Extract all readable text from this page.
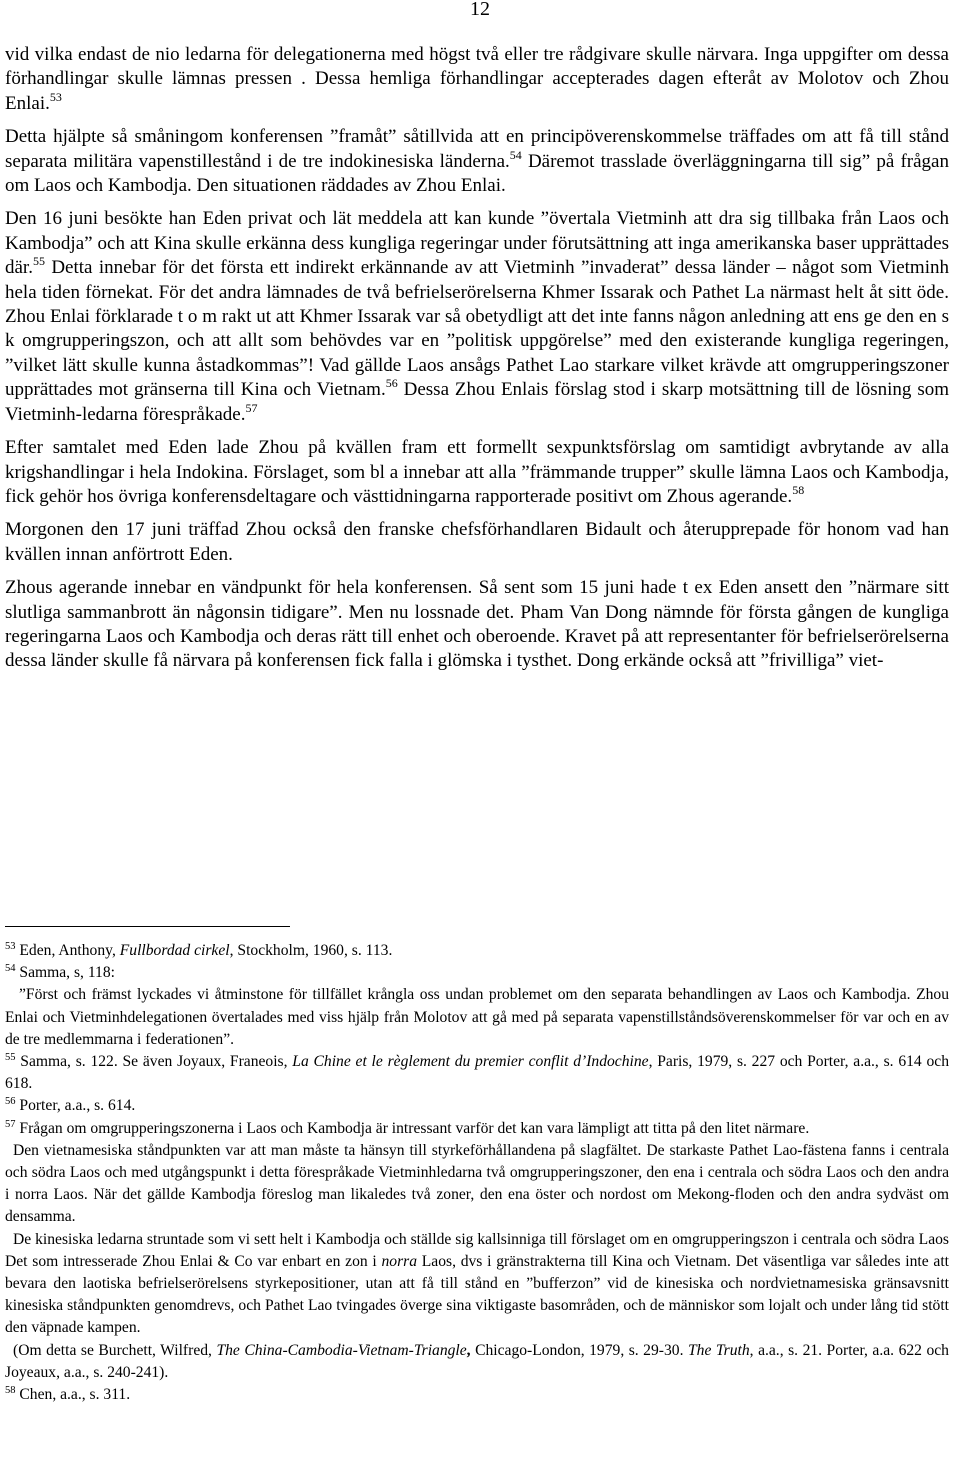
12

vid vilka endast de nio ledarna för delegationerna med högst två eller tre rådgivare skulle närvara. Inga uppgifter om dessa förhandlingar skulle lämnas pressen . Dessa hemliga förhandlingar accepterades dagen efteråt av Molotov och Zhou Enlai.$^{53}$

Detta hjälpte så småningom konferensen ”framåt” såtillvida att en principöverenskommelse träffades om att få till stånd separata militära vapenstillestånd i de tre indokinesiska länderna.$^{54}$ Däremot trasslade överläggningarna till sig” på frågan om Laos och Kambodja. Den situationen räddades av Zhou Enlai.

Den 16 juni besökte han Eden privat och lät meddela att kan kunde ”övertala Vietminh att dra sig tillbaka från Laos och Kambodja” och att Kina skulle erkänna dess kungliga regeringar under förutsättning att inga amerikanska baser upprättades där.$^{55}$ Detta innebar för det första ett indirekt erkännande av att Vietminh ”invaderat” dessa länder – något som Vietminh hela tiden förnekat. För det andra lämnades de två befrielserörelserna Khmer Issarak och Pathet La närmast helt åt sitt öde. Zhou Enlai förklarade t o m rakt ut att Khmer Issarak var så obetydligt att det inte fanns någon anledning att ens ge den en s k omgrupperingszon, och att allt som behövdes var en ”politisk uppgörelse” med den existerande kungliga regeringen, ”vilket lätt skulle kunna åstadkommas”! Vad gällde Laos ansågs Pathet Lao starkare vilket krävde att omgrupperingszoner upprättades mot gränserna till Kina och Vietnam.$^{56}$ Dessa Zhou Enlais förslag stod i skarp motsättning till de lösning som Vietminh-ledarna förespråkade.$^{57}$

Efter samtalet med Eden lade Zhou på kvällen fram ett formellt sexpunktsförslag om samtidigt avbrytande av alla krigshandlingar i hela Indokina. Förslaget, som bl a innebar att alla ”främmande trupper” skulle lämna Laos och Kambodja, fick gehör hos övriga konferensdeltagare och västtidningarna rapporterade positivt om Zhous agerande.$^{58}$

Morgonen den 17 juni träffad Zhou också den franske chefsförhandlaren Bidault och återupprepade för honom vad han kvällen innan anförtrott Eden.

Zhous agerande innebar en vändpunkt för hela konferensen. Så sent som 15 juni hade t ex Eden ansett den ”närmare sitt slutliga sammanbrott än någonsin tidigare”. Men nu lossnade det. Pham Van Dong nämnde för första gången de kungliga regeringarna Laos och Kambodja och deras rätt till enhet och oberoende. Kravet på att representanter för befrielserörelserna dessa länder skulle få närvara på konferensen fick falla i glömska i tysthet. Dong erkände också att ”frivilliga” viet-

$^{53}$ Eden, Anthony, Fullbordad cirkel, Stockholm, 1960, s. 113.

$^{54}$ Samma, s, 118:

”Först och främst lyckades vi åtminstone för tillfället krångla oss undan problemet om den separata behandlingen av Laos och Kambodja. Zhou Enlai och Vietminhdelegationen övertalades med viss hjälp från Molotov att gå med på separata vapenstillståndsöverenskommelser för var och en av de tre medlemmarna i federationen”.

$^{55}$ Samma, s. 122. Se även Joyaux, Franeois, La Chine et le règlement du premier conflit d’Indochine, Paris, 1979, s. 227 och Porter, a.a., s. 614 och 618.

$^{56}$ Porter, a.a., s. 614.

$^{57}$ Frågan om omgrupperingszonerna i Laos och Kambodja är intressant varför det kan vara lämpligt att titta på den litet närmare.

Den vietnamesiska ståndpunkten var att man måste ta hänsyn till styrkeförhållandena på slagfältet. De starkaste Pathet Lao-fästena fanns i centrala och södra Laos och med utgångspunkt i detta förespråkade Vietminhledarna två omgrupperingszoner, den ena i centrala och södra Laos och den andra i norra Laos. När det gällde Kambodja föreslog man likaledes två zoner, den ena öster och nordost om Mekong-floden och den andra sydväst om densamma.

De kinesiska ledarna struntade som vi sett helt i Kambodja och ställde sig kallsinniga till förslaget om en omgrupperingszon i centrala och södra Laos Det som intresserade Zhou Enlai & Co var enbart en zon i norra Laos, dvs i gränstrakterna till Kina och Vietnam. Det väsentliga var således inte att bevara den laotiska befrielserörelsens styrkepositioner, utan att få till stånd en ”bufferzon” vid de kinesiska och nordvietnamesiska gränsavsnitt kinesiska ståndpunkten genomdrevs, och Pathet Lao tvingades överge sina viktigaste basområden, och de människor som lojalt och under lång tid stött den väpnade kampen.

(Om detta se Burchett, Wilfred, The China-Cambodia-Vietnam-Triangle, Chicago-London, 1979, s. 29-30. The Truth, a.a., s. 21. Porter, a.a. 622 och Joyeaux, a.a., s. 240-241).

$^{58}$ Chen, a.a., s. 311.
